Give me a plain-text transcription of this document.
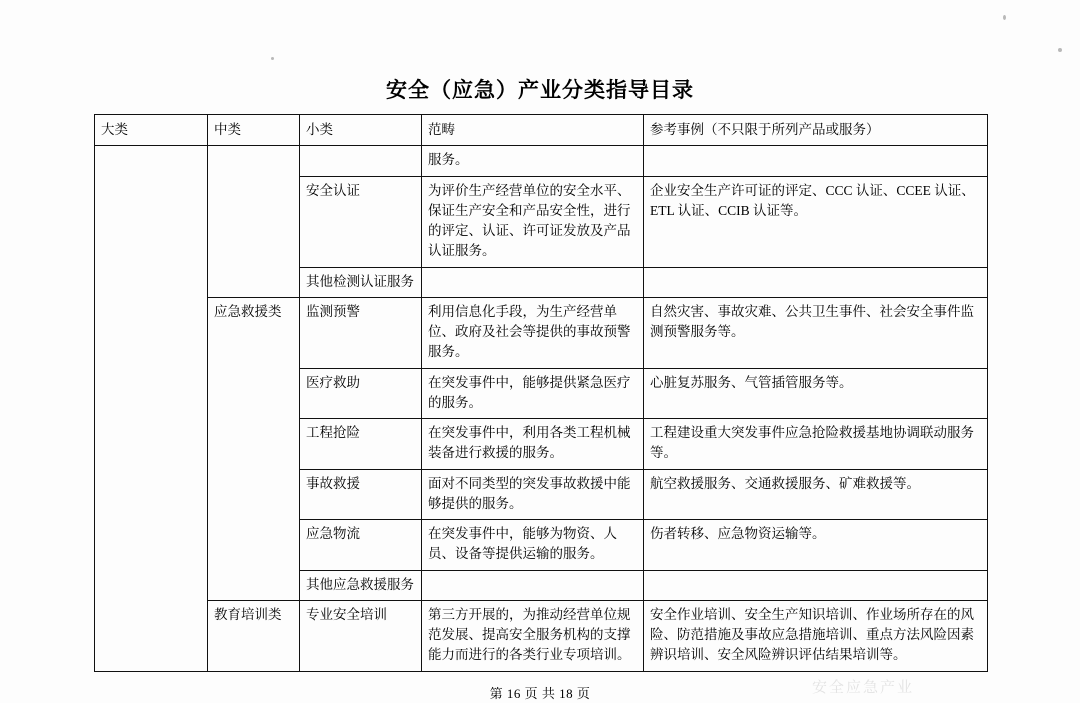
安全（应急）产业分类指导目录
大类	中类	小类	范畴	参考事例（不只限于所列产品或服务）
			服务。	
		安全认证	为评价生产经营单位的安全水平、保证生产安全和产品安全性，进行的评定、认证、许可证发放及产品认证服务。	企业安全生产许可证的评定、CCC 认证、CCEE 认证、ETL 认证、CCIB 认证等。
		其他检测认证服务		
	应急救援类	监测预警	利用信息化手段，为生产经营单位、政府及社会等提供的事故预警服务。	自然灾害、事故灾难、公共卫生事件、社会安全事件监测预警服务等。
		医疗救助	在突发事件中，能够提供紧急医疗的服务。	心脏复苏服务、气管插管服务等。
		工程抢险	在突发事件中，利用各类工程机械装备进行救援的服务。	工程建设重大突发事件应急抢险救援基地协调联动服务等。
		事故救援	面对不同类型的突发事故救援中能够提供的服务。	航空救援服务、交通救援服务、矿难救援等。
		应急物流	在突发事件中，能够为物资、人员、设备等提供运输的服务。	伤者转移、应急物资运输等。
		其他应急救援服务		
	教育培训类	专业安全培训	第三方开展的，为推动经营单位规范发展、提高安全服务机构的支撑能力而进行的各类行业专项培训。	安全作业培训、安全生产知识培训、作业场所存在的风险、防范措施及事故应急措施培训、重点方法风险因素辨识培训、安全风险辨识评估结果培训等。
第 16 页 共 18 页	安全应急产业
